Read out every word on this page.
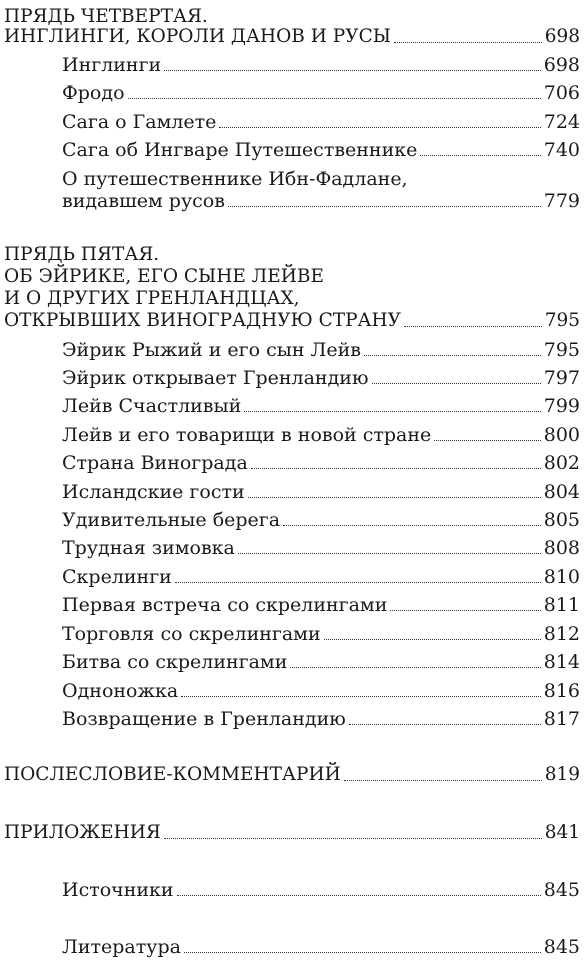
ПРЯДЬ ЧЕТВЕРТАЯ.
ИНГЛИНГИ, КОРОЛИ ДАНОВ И РУСЫ	698
Инглинги	698
Фродо	706
Сага о Гамлете	724
Сага об Ингваре Путешественнике	740
О путешественнике Ибн-Фадлане,
видавшем русов	779
ПРЯДЬ ПЯТАЯ.
ОБ ЭЙРИКЕ, ЕГО СЫНЕ ЛЕЙВЕ
И О ДРУГИХ ГРЕНЛАНДЦАХ,
ОТКРЫВШИХ ВИНОГРАДНУЮ СТРАНУ	795
Эйрик Рыжий и его сын Лейв	795
Эйрик открывает Гренландию	797
Лейв Счастливый	799
Лейв и его товарищи в новой стране	800
Страна Винограда	802
Исландские гости	804
Удивительные берега	805
Трудная зимовка	808
Скрелинги	810
Первая встреча со скрелингами	811
Торговля со скрелингами	812
Битва со скрелингами	814
Одноножка	816
Возвращение в Гренландию	817
ПОСЛЕСЛОВИЕ-КОММЕНТАРИЙ	819
ПРИЛОЖЕНИЯ	841
Источники	845
Литература	845
